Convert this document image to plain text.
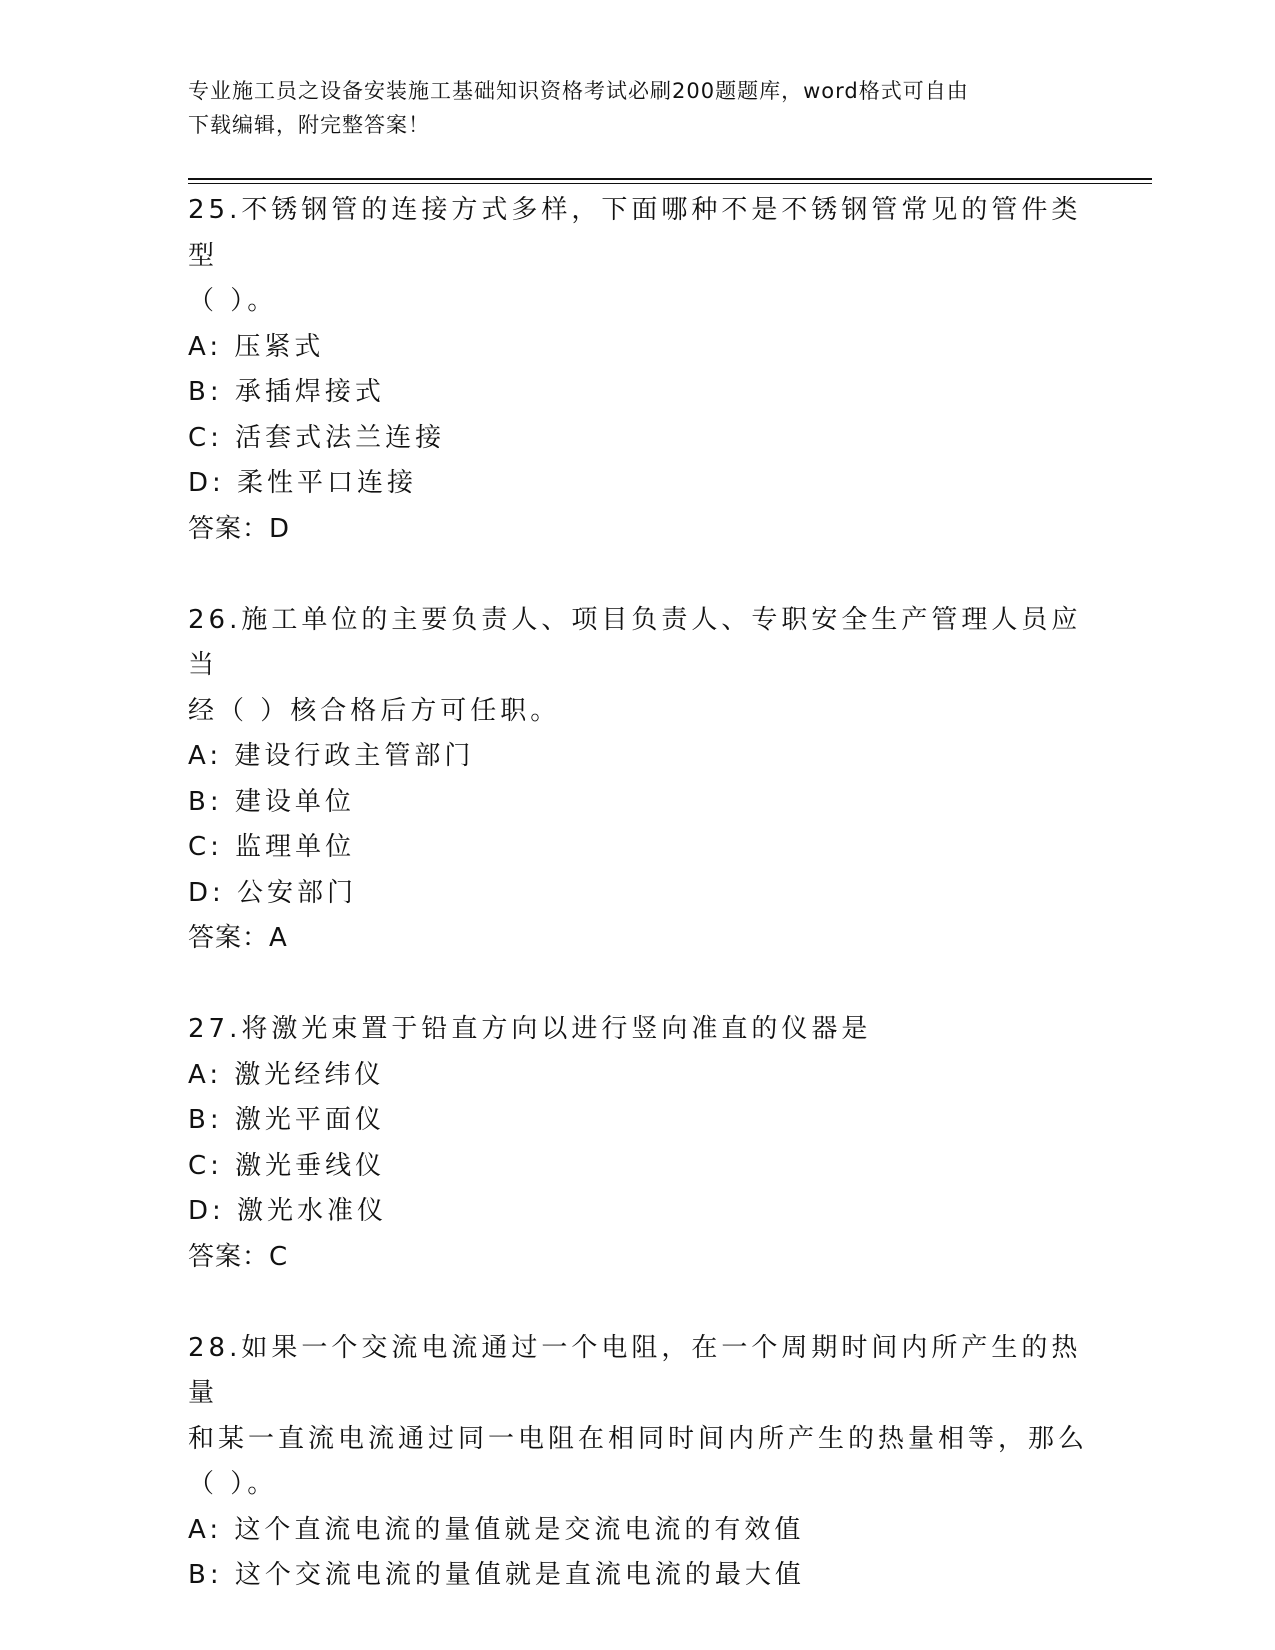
专业施工员之设备安装施工基础知识资格考试必刷200题题库，word格式可自由
下载编辑，附完整答案！

25.不锈钢管的连接方式多样，下面哪种不是不锈钢管常见的管件类型

（ ）。

A: 压紧式

B: 承插焊接式

C: 活套式法兰连接

D: 柔性平口连接

答案：D

26.施工单位的主要负责人、项目负责人、专职安全生产管理人员应当

经（ ）核合格后方可任职。

A: 建设行政主管部门

B: 建设单位

C: 监理单位

D: 公安部门

答案：A

27.将激光束置于铅直方向以进行竖向准直的仪器是

A: 激光经纬仪

B: 激光平面仪

C: 激光垂线仪

D: 激光水准仪

答案：C

28.如果一个交流电流通过一个电阻，在一个周期时间内所产生的热量

和某一直流电流通过同一电阻在相同时间内所产生的热量相等，那么

（ ）。

A: 这个直流电流的量值就是交流电流的有效值

B: 这个交流电流的量值就是直流电流的最大值
